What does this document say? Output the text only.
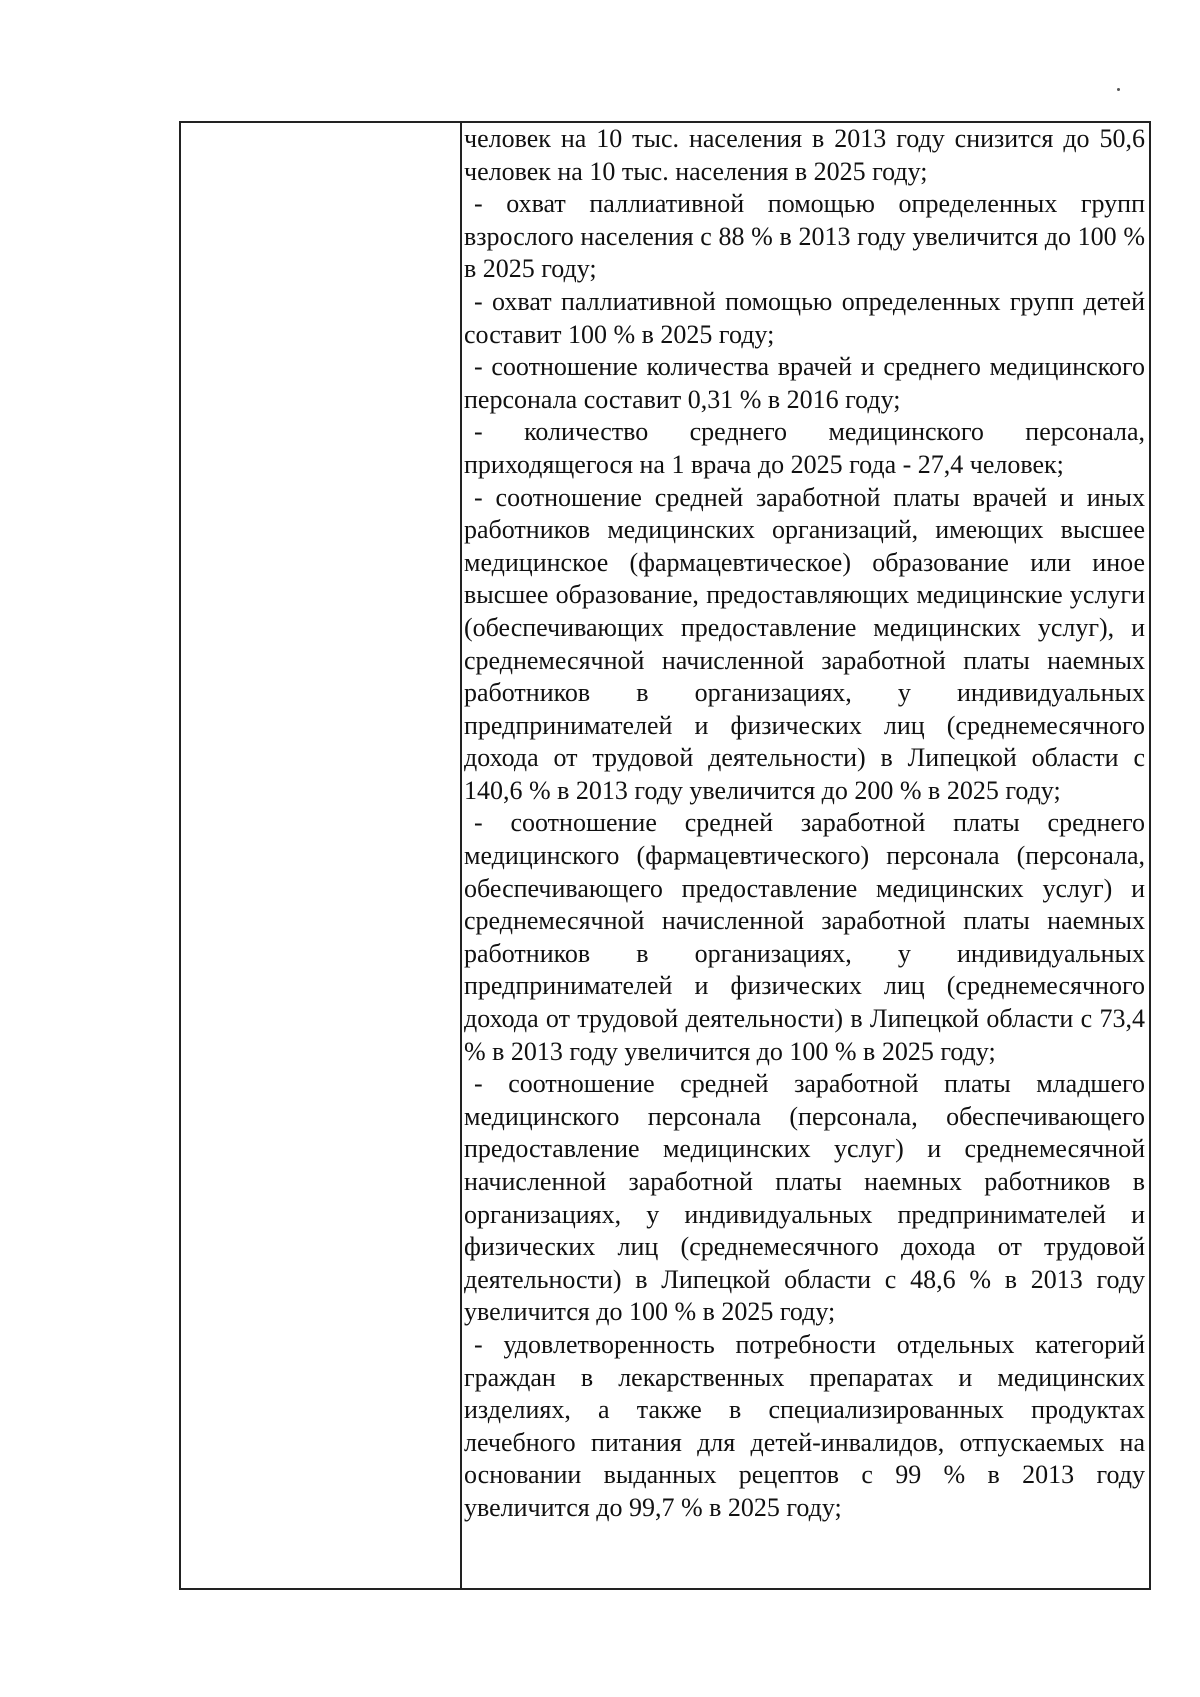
человек на 10 тыс. населения в 2013 году снизится до 50,6 человек на 10 тыс. населения в 2025 году;

- охват паллиативной помощью определенных групп взрослого населения с 88 % в 2013 году увеличится до 100 % в 2025 году;

- охват паллиативной помощью определенных групп детей составит 100 % в 2025 году;

- соотношение количества врачей и среднего медицинского персонала составит 0,31 % в 2016 году;

- количество среднего медицинского персонала, приходящегося на 1 врача до 2025 года - 27,4 человек;

- соотношение средней заработной платы врачей и иных работников медицинских организаций, имеющих высшее медицинское (фармацевтическое) образование или иное высшее образование, предоставляющих медицинские услуги (обеспечивающих предоставление медицинских услуг), и среднемесячной начисленной заработной платы наемных работников в организациях, у индивидуальных предпринимателей и физических лиц (среднемесячного дохода от трудовой деятельности) в Липецкой области с 140,6 % в 2013 году увеличится до 200 % в 2025 году;

- соотношение средней заработной платы среднего медицинского (фармацевтического) персонала (персонала, обеспечивающего предоставление медицинских услуг) и среднемесячной начисленной заработной платы наемных работников в организациях, у индивидуальных предпринимателей и физических лиц (среднемесячного дохода от трудовой деятельности) в Липецкой области с 73,4 % в 2013 году увеличится до 100 % в 2025 году;

- соотношение средней заработной платы младшего медицинского персонала (персонала, обеспечивающего предоставление медицинских услуг) и среднемесячной начисленной заработной платы наемных работников в организациях, у индивидуальных предпринимателей и физических лиц (среднемесячного дохода от трудовой деятельности) в Липецкой области с 48,6 % в 2013 году увеличится до 100 % в 2025 году;

- удовлетворенность потребности отдельных категорий граждан в лекарственных препаратах и медицинских изделиях, а также в специализированных продуктах лечебного питания для детей-инвалидов, отпускаемых на основании выданных рецептов с 99 % в 2013 году увеличится до 99,7 % в 2025 году;
